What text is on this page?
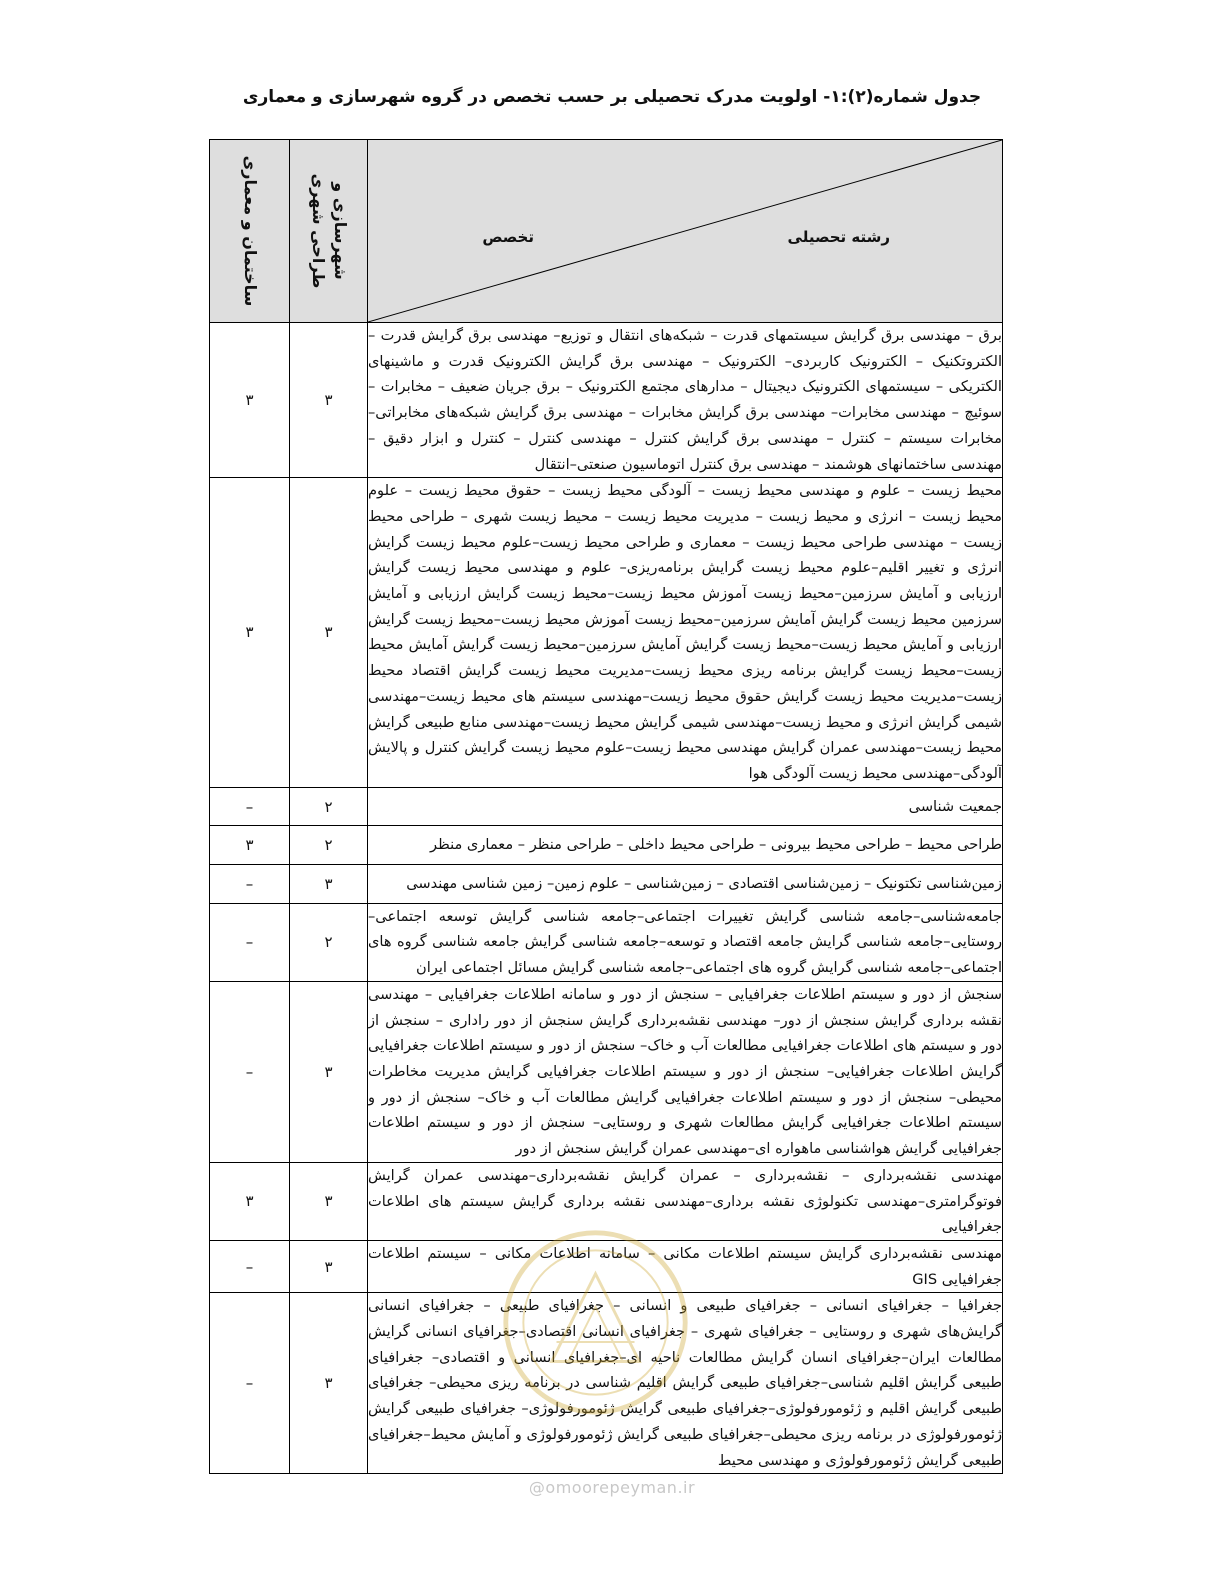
جدول شماره(۲):۱- اولویت مدرک تحصیلی بر حسب تخصص در گروه شهرسازی و معماری
رشته تحصیلی
تخصص	شهرسازی و طراحی شهری	ساختمان و معماری

برق – مهندسی برق گرایش سیستمهای قدرت – شبکه‌های انتقال و توزیع– مهندسی برق گرایش قدرت – الکتروتکنیک – الکترونیک کاربردی– الکترونیک – مهندسی برق گرایش الکترونیک قدرت و ماشینهای الکتریکی – سیستمهای الکترونیک دیجیتال – مدارهای مجتمع الکترونیک – برق جریان ضعیف – مخابرات – سوئیچ – مهندسی مخابرات– مهندسی برق گرایش مخابرات – مهندسی برق گرایش شبکه‌های مخابراتی– مخابرات سیستم – کنترل – مهندسی برق گرایش کنترل – مهندسی کنترل – کنترل و ابزار دقیق – مهندسی ساختمانهای هوشمند – مهندسی برق کنترل اتوماسیون صنعتی–انتقال	۳	۳
محیط زیست – علوم و مهندسی محیط زیست – آلودگی محیط زیست – حقوق محیط زیست – علوم محیط زیست – انرژی و محیط زیست – مدیریت محیط زیست – محیط زیست شهری – طراحی محیط زیست – مهندسی طراحی محیط زیست – معماری و طراحی محیط زیست–علوم محیط زیست گرایش انرژی و تغییر اقلیم–علوم محیط زیست گرایش برنامه‌ریزی– علوم و مهندسی محیط زیست گرایش ارزیابی و آمایش سرزمین–محیط زیست آموزش محیط زیست–محیط زیست گرایش ارزیابی و آمایش سرزمین محیط زیست گرایش آمایش سرزمین–محیط زیست آموزش محیط زیست–محیط زیست گرایش ارزیابی و آمایش محیط زیست–محیط زیست گرایش آمایش سرزمین–محیط زیست گرایش آمایش محیط زیست–محیط زیست گرایش برنامه ریزی محیط زیست–مدیریت محیط زیست گرایش اقتصاد محیط زیست–مدیریت محیط زیست گرایش حقوق محیط زیست–مهندسی سیستم های محیط زیست–مهندسی شیمی گرایش انرژی و محیط زیست–مهندسی شیمی گرایش محیط زیست–مهندسی منابع طبیعی گرایش محیط زیست–مهندسی عمران گرایش مهندسی محیط زیست–علوم محیط زیست گرایش کنترل و پالایش آلودگی–مهندسی محیط زیست آلودگی هوا	۳	۳
جمعیت شناسی	۲	–
طراحی محیط – طراحی محیط بیرونی – طراحی محیط داخلی – طراحی منظر – معماری منظر	۲	۳
زمین‌شناسی تکتونیک – زمین‌شناسی اقتصادی – زمین‌شناسی – علوم زمین– زمین شناسی مهندسی	۳	–
جامعه‌شناسی–جامعه شناسی گرایش تغییرات اجتماعی–جامعه شناسی گرایش توسعه اجتماعی– روستایی–جامعه شناسی گرایش جامعه اقتصاد و توسعه–جامعه شناسی گرایش جامعه شناسی گروه های اجتماعی–جامعه شناسی گرایش گروه های اجتماعی–جامعه شناسی گرایش مسائل اجتماعی ایران	۲	–
سنجش از دور و سیستم اطلاعات جغرافیایی – سنجش از دور و سامانه اطلاعات جغرافیایی – مهندسی نقشه برداری گرایش سنجش از دور– مهندسی نقشه‌برداری گرایش سنجش از دور راداری – سنجش از دور و سیستم های اطلاعات جغرافیایی مطالعات آب و خاک– سنجش از دور و سیستم اطلاعات جغرافیایی گرایش اطلاعات جغرافیایی– سنجش از دور و سیستم اطلاعات جغرافیایی گرایش مدیریت مخاطرات محیطی– سنجش از دور و سیستم اطلاعات جغرافیایی گرایش مطالعات آب و خاک– سنجش از دور و سیستم اطلاعات جغرافیایی گرایش مطالعات شهری و روستایی– سنجش از دور و سیستم اطلاعات جغرافیایی گرایش هواشناسی ماهواره ای–مهندسی عمران گرایش سنجش از دور	۳	–
مهندسی نقشه‌برداری – نقشه‌برداری – عمران گرایش نقشه‌برداری–مهندسی عمران گرایش فوتوگرامتری–مهندسی تکنولوژی نقشه برداری–مهندسی نقشه برداری گرایش سیستم های اطلاعات جغرافیایی	۳	۳
مهندسی نقشه‌برداری گرایش سیستم اطلاعات مکانی – سامانه اطلاعات مکانی – سیستم اطلاعات جغرافیایی GIS	۳	–
جغرافیا – جغرافیای انسانی – جغرافیای طبیعی و انسانی – جغرافیای طبیعی – جغرافیای انسانی گرایش‌های شهری و روستایی – جغرافیای شهری – جغرافیای انسانی اقتصادی–جغرافیای انسانی گرایش مطالعات ایران–جغرافیای انسان گرایش مطالعات ناحیه ای–جغرافیای انسانی و اقتصادی– جغرافیای طبیعی گرایش اقلیم شناسی–جغرافیای طبیعی گرایش اقلیم شناسی در برنامه ریزی محیطی– جغرافیای طبیعی گرایش اقلیم و ژئومورفولوژی–جغرافیای طبیعی گرایش ژئومورفولوژی– جغرافیای طبیعی گرایش ژئومورفولوژی در برنامه ریزی محیطی–جغرافیای طبیعی گرایش ژئومورفولوژی و آمایش محیط–جغرافیای طبیعی گرایش ژئومورفولوژی و مهندسی محیط	۳	–
@omoorepeyman.ir
